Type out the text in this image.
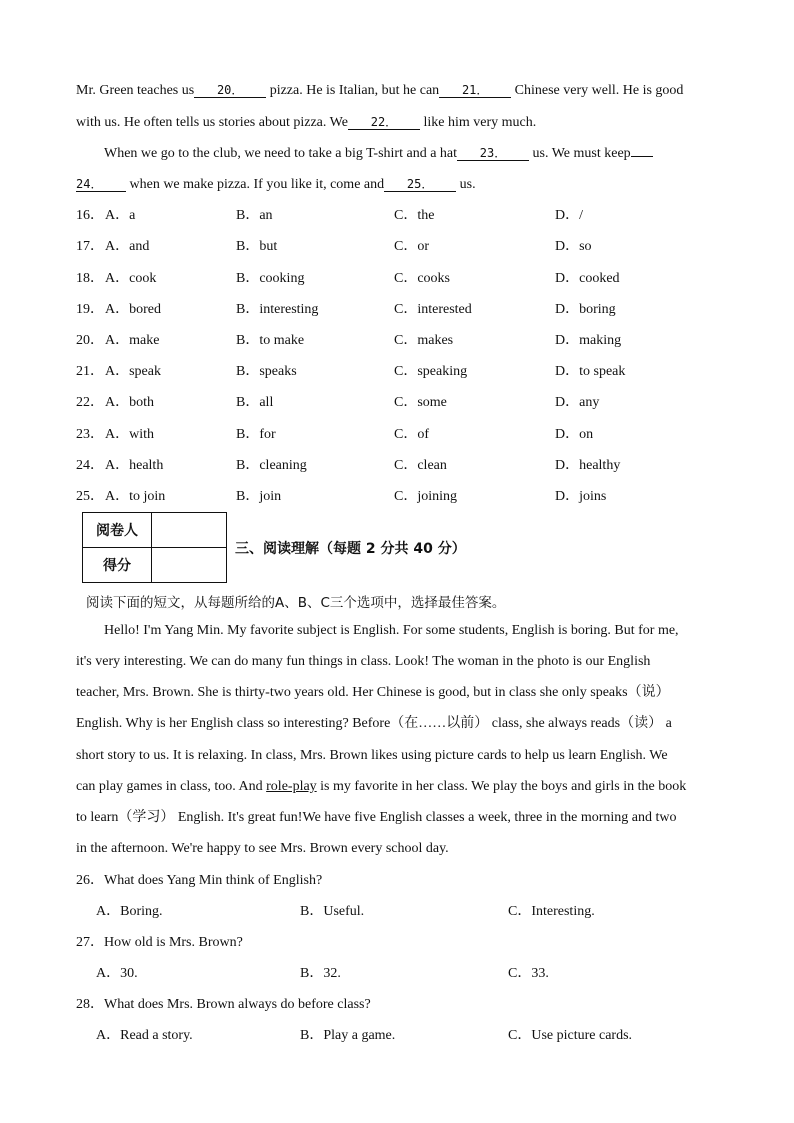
Mr. Green teaches us 20． pizza. He is Italian, but he can 21． Chinese very well. He is good
with us. He often tells us stories about pizza. We 22． like him very much.
When we go to the club, we need to take a big T-shirt and a hat 23． us. We must keep
24． when we make pizza. If you like it, come and 25． us.
16． A．a	B．an	C．the	D．/
17． A．and	B．but	C．or	D．so
18． A．cook	B．cooking	C．cooks	D．cooked
19． A．bored	B．interesting	C．interested	D．boring
20． A．make	B．to make	C．makes	D．making
21． A．speak	B．speaks	C．speaking	D．to speak
22． A．both	B．all	C．some	D．any
23． A．with	B．for	C．of	D．on
24． A．health	B．cleaning	C．clean	D．healthy
25． A．to join	B．join	C．joining	D．joins
阅卷人	
得分	
三、阅读理解（每题 2 分共 40 分）
阅读下面的短文，从每题所给的A、B、C三个选项中，选择最佳答案。
Hello! I'm Yang Min. My favorite subject is English. For some students, English is boring. But for me,
it's very interesting. We can do many fun things in class. Look! The woman in the photo is our English
teacher, Mrs. Brown. She is thirty-two years old. Her Chinese is good, but in class she only speaks（说）
English. Why is her English class so interesting? Before（在……以前） class, she always reads（读） a
short story to us. It is relaxing. In class, Mrs. Brown likes using picture cards to help us learn English. We
can play games in class, too. And role-play is my favorite in her class. We play the boys and girls in the book
to learn（学习） English. It's great fun!We have five English classes a week, three in the morning and two
in the afternoon. We're happy to see Mrs. Brown every school day.
26．What does Yang Min think of English?
A．Boring.	B．Useful.	C．Interesting.
27．How old is Mrs. Brown?
A．30.	B．32.	C．33.
28．What does Mrs. Brown always do before class?
A．Read a story.	B．Play a game.	C．Use picture cards.
